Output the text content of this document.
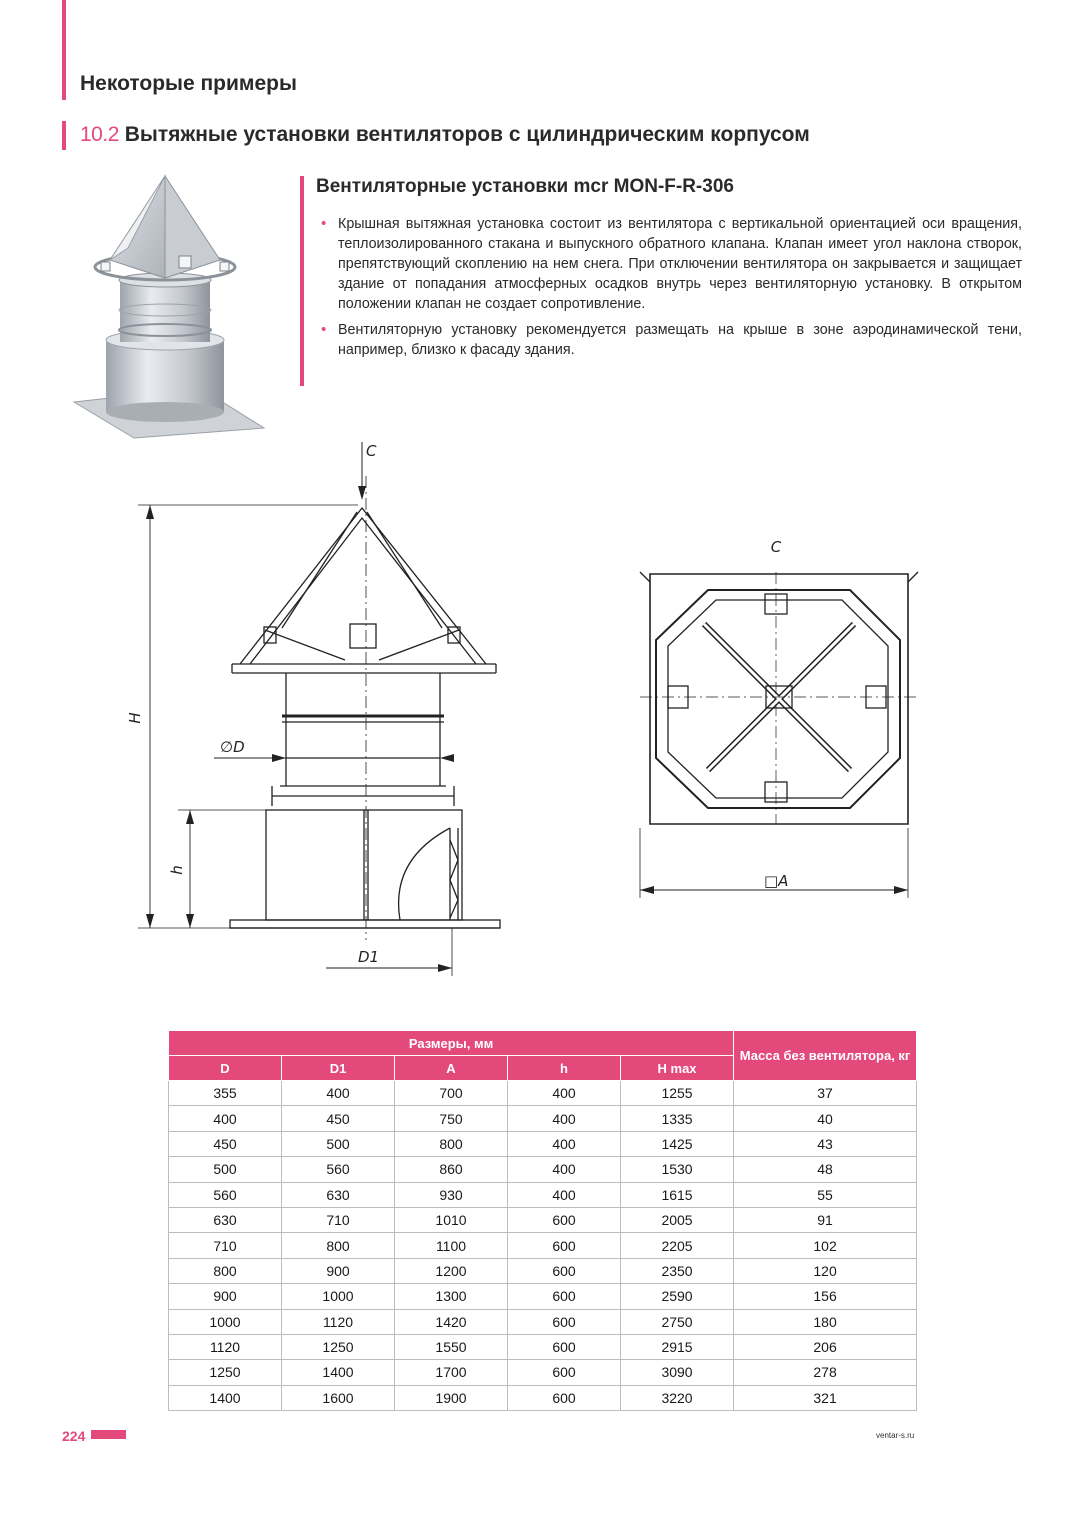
Некоторые примеры
10.2 Вытяжные установки вентиляторов с цилиндрическим корпусом
Вентиляторные установки mcr MON-F-R-306
• Крышная вытяжная установка состоит из вентилятора с вертикальной ориентацией оси вращения, теплоизолированного стакана и выпускного обратного клапана. Клапан имеет угол наклона створок, препятствующий скоплению на нем снега. При отключении вентилятора он закрывается и защищает здание от попадания атмосферных осадков внутрь через вентиляторную установку. В открытом положении клапан не создает сопротивление.
• Вентиляторную установку рекомендуется размещать на крыше в зоне аэродинамической тени, например, близко к фасаду здания.
C
H
∅D
h
D1
C
□A
Размеры, мм					Масса без вентилятора, кг
D	D1	A	h	H max	
355	400	700	400	1255	37
400	450	750	400	1335	40
450	500	800	400	1425	43
500	560	860	400	1530	48
560	630	930	400	1615	55
630	710	1010	600	2005	91
710	800	1100	600	2205	102
800	900	1200	600	2350	120
900	1000	1300	600	2590	156
1000	1120	1420	600	2750	180
1120	1250	1550	600	2915	206
1250	1400	1700	600	3090	278
1400	1600	1900	600	3220	321
224	ventar-s.ru
